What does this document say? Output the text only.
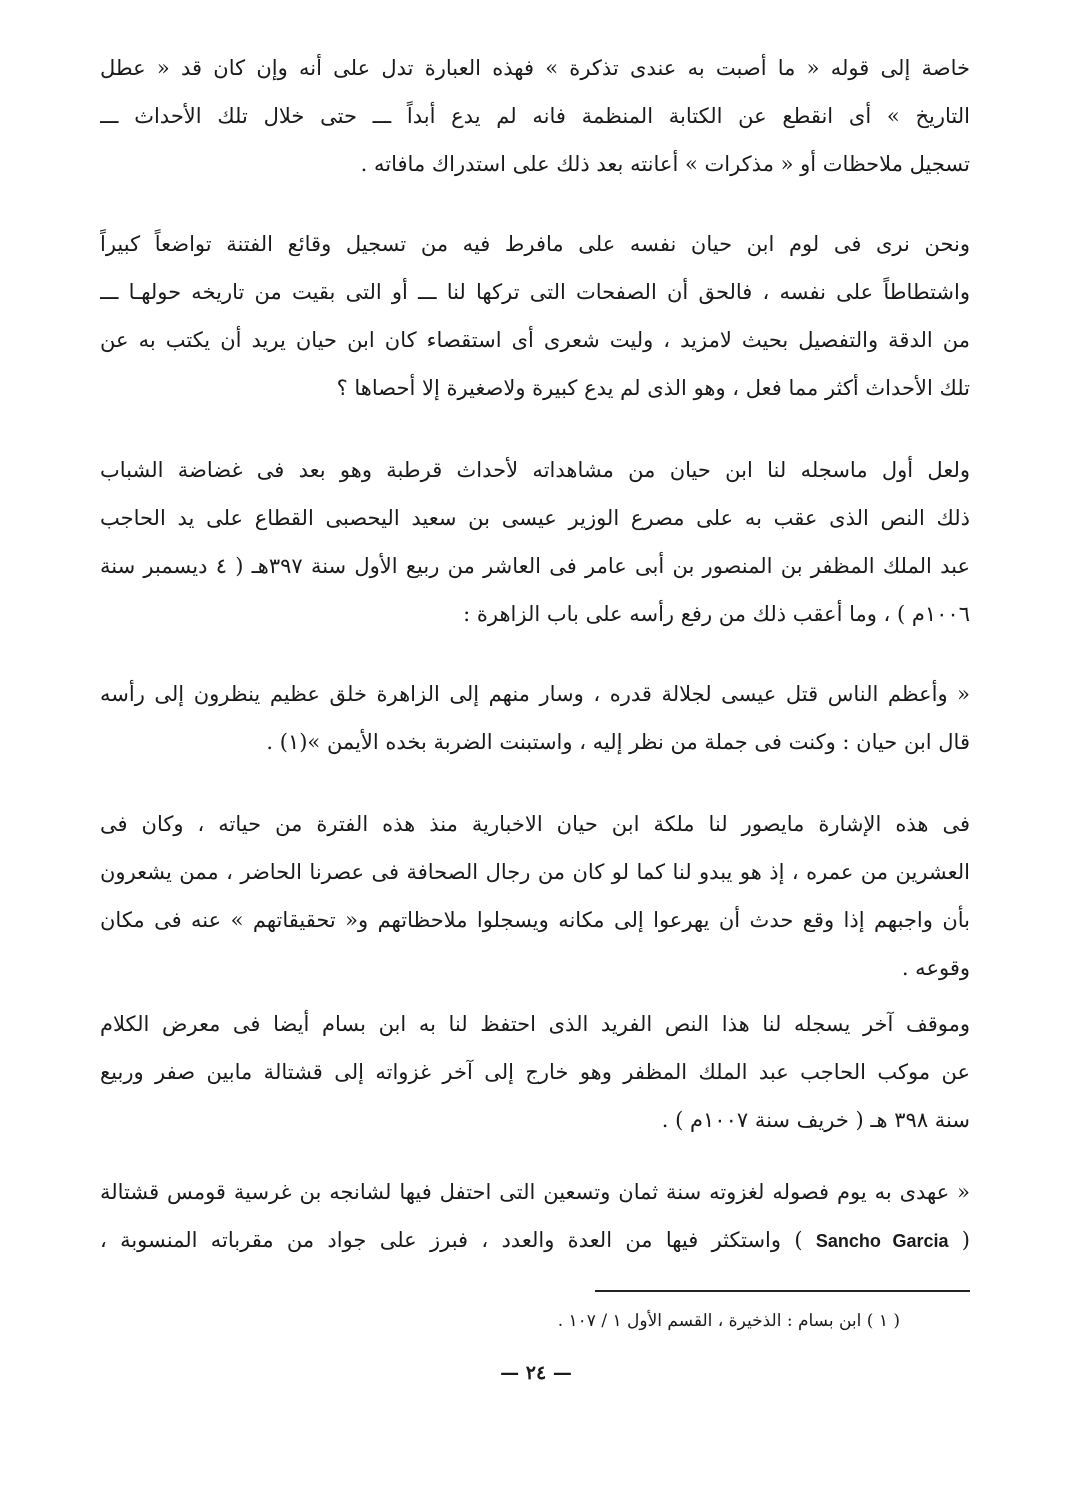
خاصة إلى قوله « ما أصبت به عندى تذكرة » فهذه العبارة تدل على أنه وإن كان قد « عطل
التاريخ » أى انقطع عن الكتابة المنظمة فانه لم يدع أبداً ـــ حتى خلال تلك الأحداث ـــ
تسجيل ملاحظات أو « مذكرات » أعانته بعد ذلك على استدراك مافاته .
ونحن نرى فى لوم ابن حيان نفسه على مافرط فيه من تسجيل وقائع الفتنة تواضعاً كبيراً
واشتطاطاً على نفسه ، فالحق أن الصفحات التى تركها لنا ـــ أو التى بقيت من تاريخه حولهـا ـــ
من الدقة والتفصيل بحيث لامزيد ، وليت شعرى أى استقصاء كان ابن حيان يريد أن يكتب به عن
تلك الأحداث أكثر مما فعل ، وهو الذى لم يدع كبيرة ولاصغيرة إلا أحصاها ؟
ولعل أول ماسجله لنا ابن حيان من مشاهداته لأحداث قرطبة وهو بعد فى غضاضة الشباب
ذلك النص الذى عقب به على مصرع الوزير عيسى بن سعيد اليحصبى القطاع على يد الحاجب
عبد الملك المظفر بن المنصور بن أبى عامر فى العاشر من ربيع الأول سنة ٣٩٧هـ ( ٤ ديسمبر سنة
١٠٠٦م ) ، وما أعقب ذلك من رفع رأسه على باب الزاهرة :
« وأعظم الناس قتل عيسى لجلالة قدره ، وسار منهم إلى الزاهرة خلق عظيم ينظرون إلى رأسه
قال ابن حيان : وكنت فى جملة من نظر إليه ، واستبنت الضربة بخده الأيمن »(١) .
فى هذه الإشارة مايصور لنا ملكة ابن حيان الاخبارية منذ هذه الفترة من حياته ، وكان فى
العشرين من عمره ، إذ هو يبدو لنا كما لو كان من رجال الصحافة فى عصرنا الحاضر ، ممن يشعرون
بأن واجبهم إذا وقع حدث أن يهرعوا إلى مكانه ويسجلوا ملاحظاتهم و« تحقيقاتهم » عنه فى مكان
وقوعه .
وموقف آخر يسجله لنا هذا النص الفريد الذى احتفظ لنا به ابن بسام أيضا فى معرض الكلام
عن موكب الحاجب عبد الملك المظفر وهو خارج إلى آخر غزواته إلى قشتالة مابين صفر وربيع
سنة ٣٩٨ هـ ( خريف سنة ١٠٠٧م ) .
« عهدى به يوم فصوله لغزوته سنة ثمان وتسعين التى احتفل فيها لشانجه بن غرسية قومس قشتالة
( Sancho Garcia ) واستكثر فيها من العدة والعدد ، فبرز على جواد من مقرباته المنسوبة ،

( ١ ) ابن بسام : الذخيرة ، القسم الأول ١ / ١٠٧ .

— ٢٤ —
